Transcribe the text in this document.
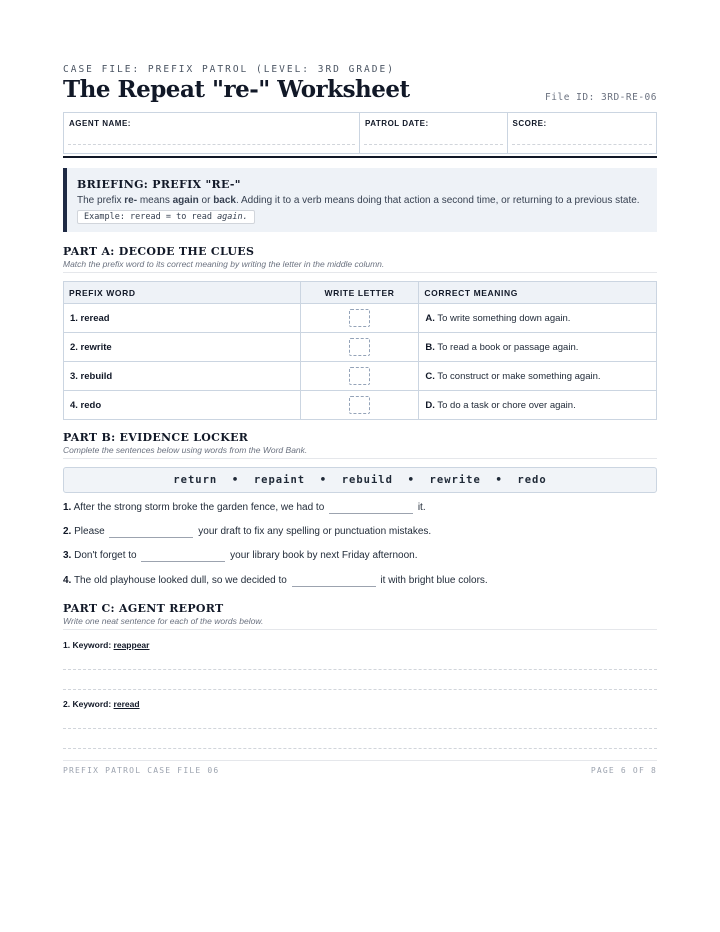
CASE FILE: PREFIX PATROL (LEVEL: 3RD GRADE)
The Repeat "re-" Worksheet	File ID: 3RD-RE-06
AGENT NAME:	PATROL DATE:	SCORE:
BRIEFING: PREFIX "RE-"
The prefix re- means again or back. Adding it to a verb means doing that action a second time, or returning to a previous state.
Example: reread = to read again.
PART A: DECODE THE CLUES
Match the prefix word to its correct meaning by writing the letter in the middle column.
PREFIX WORD	WRITE LETTER	CORRECT MEANING
1. reread		A. To write something down again.
2. rewrite		B. To read a book or passage again.
3. rebuild		C. To construct or make something again.
4. redo		D. To do a task or chore over again.
PART B: EVIDENCE LOCKER
Complete the sentences below using words from the Word Bank.
return  •  repaint  •  rebuild  •  rewrite  •  redo
1. After the strong storm broke the garden fence, we had to	it.
2. Please	your draft to fix any spelling or punctuation mistakes.
3. Don't forget to	your library book by next Friday afternoon.
4. The old playhouse looked dull, so we decided to	it with bright blue colors.
PART C: AGENT REPORT
Write one neat sentence for each of the words below.
1. Keyword: reappear
2. Keyword: reread
PREFIX PATROL CASE FILE 06	PAGE 6 OF 8
